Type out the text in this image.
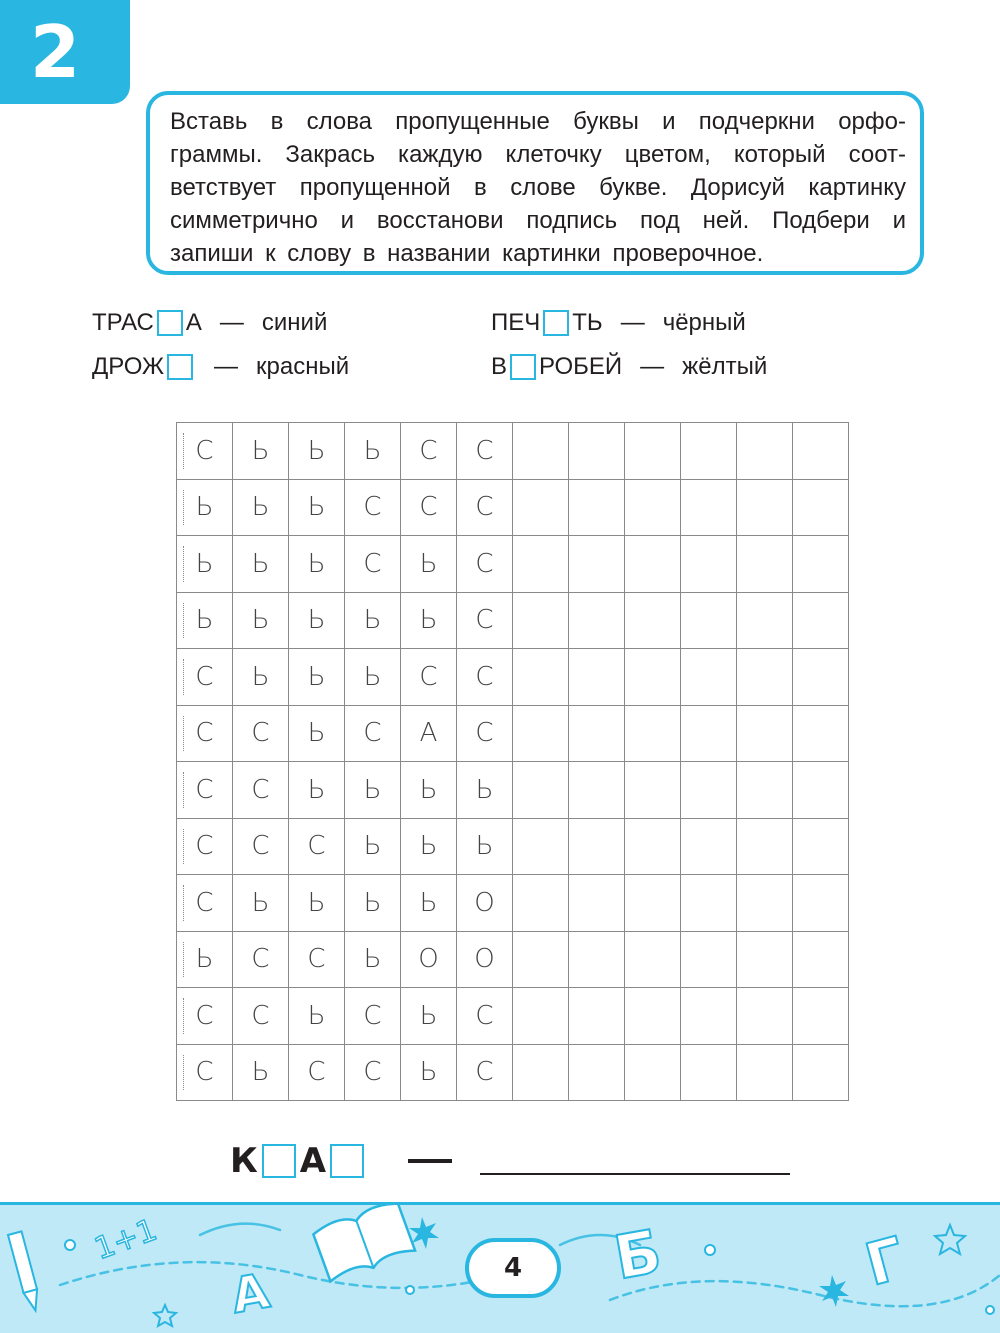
2
Вставь в слова пропущенные буквы и подчеркни орфо-
граммы. Закрась каждую клеточку цветом, который соот-
ветствует пропущенной в слове букве. Дорисуй картинку
симметрично и восстанови подпись под ней. Подбери и
запиши к слову в названии картинки проверочное.
ТРАС А — синий	ПЕЧ ТЬ — чёрный
ДРОЖ — красный	В РОБЕЙ — жёлтый
С	Ь	Ь	Ь	С	С
Ь	Ь	Ь	С	С	С
Ь	Ь	Ь	С	Ь	С
Ь	Ь	Ь	Ь	Ь	С
С	Ь	Ь	Ь	С	С
С	С	Ь	С	А	С
С	С	Ь	Ь	Ь	Ь
С	С	С	Ь	Ь	Ь
С	Ь	Ь	Ь	Ь	О
Ь	С	С	Ь	О	О
С	С	Ь	С	Ь	С
С	Ь	С	С	Ь	С
К А
A
Б	Г
1+1
4
